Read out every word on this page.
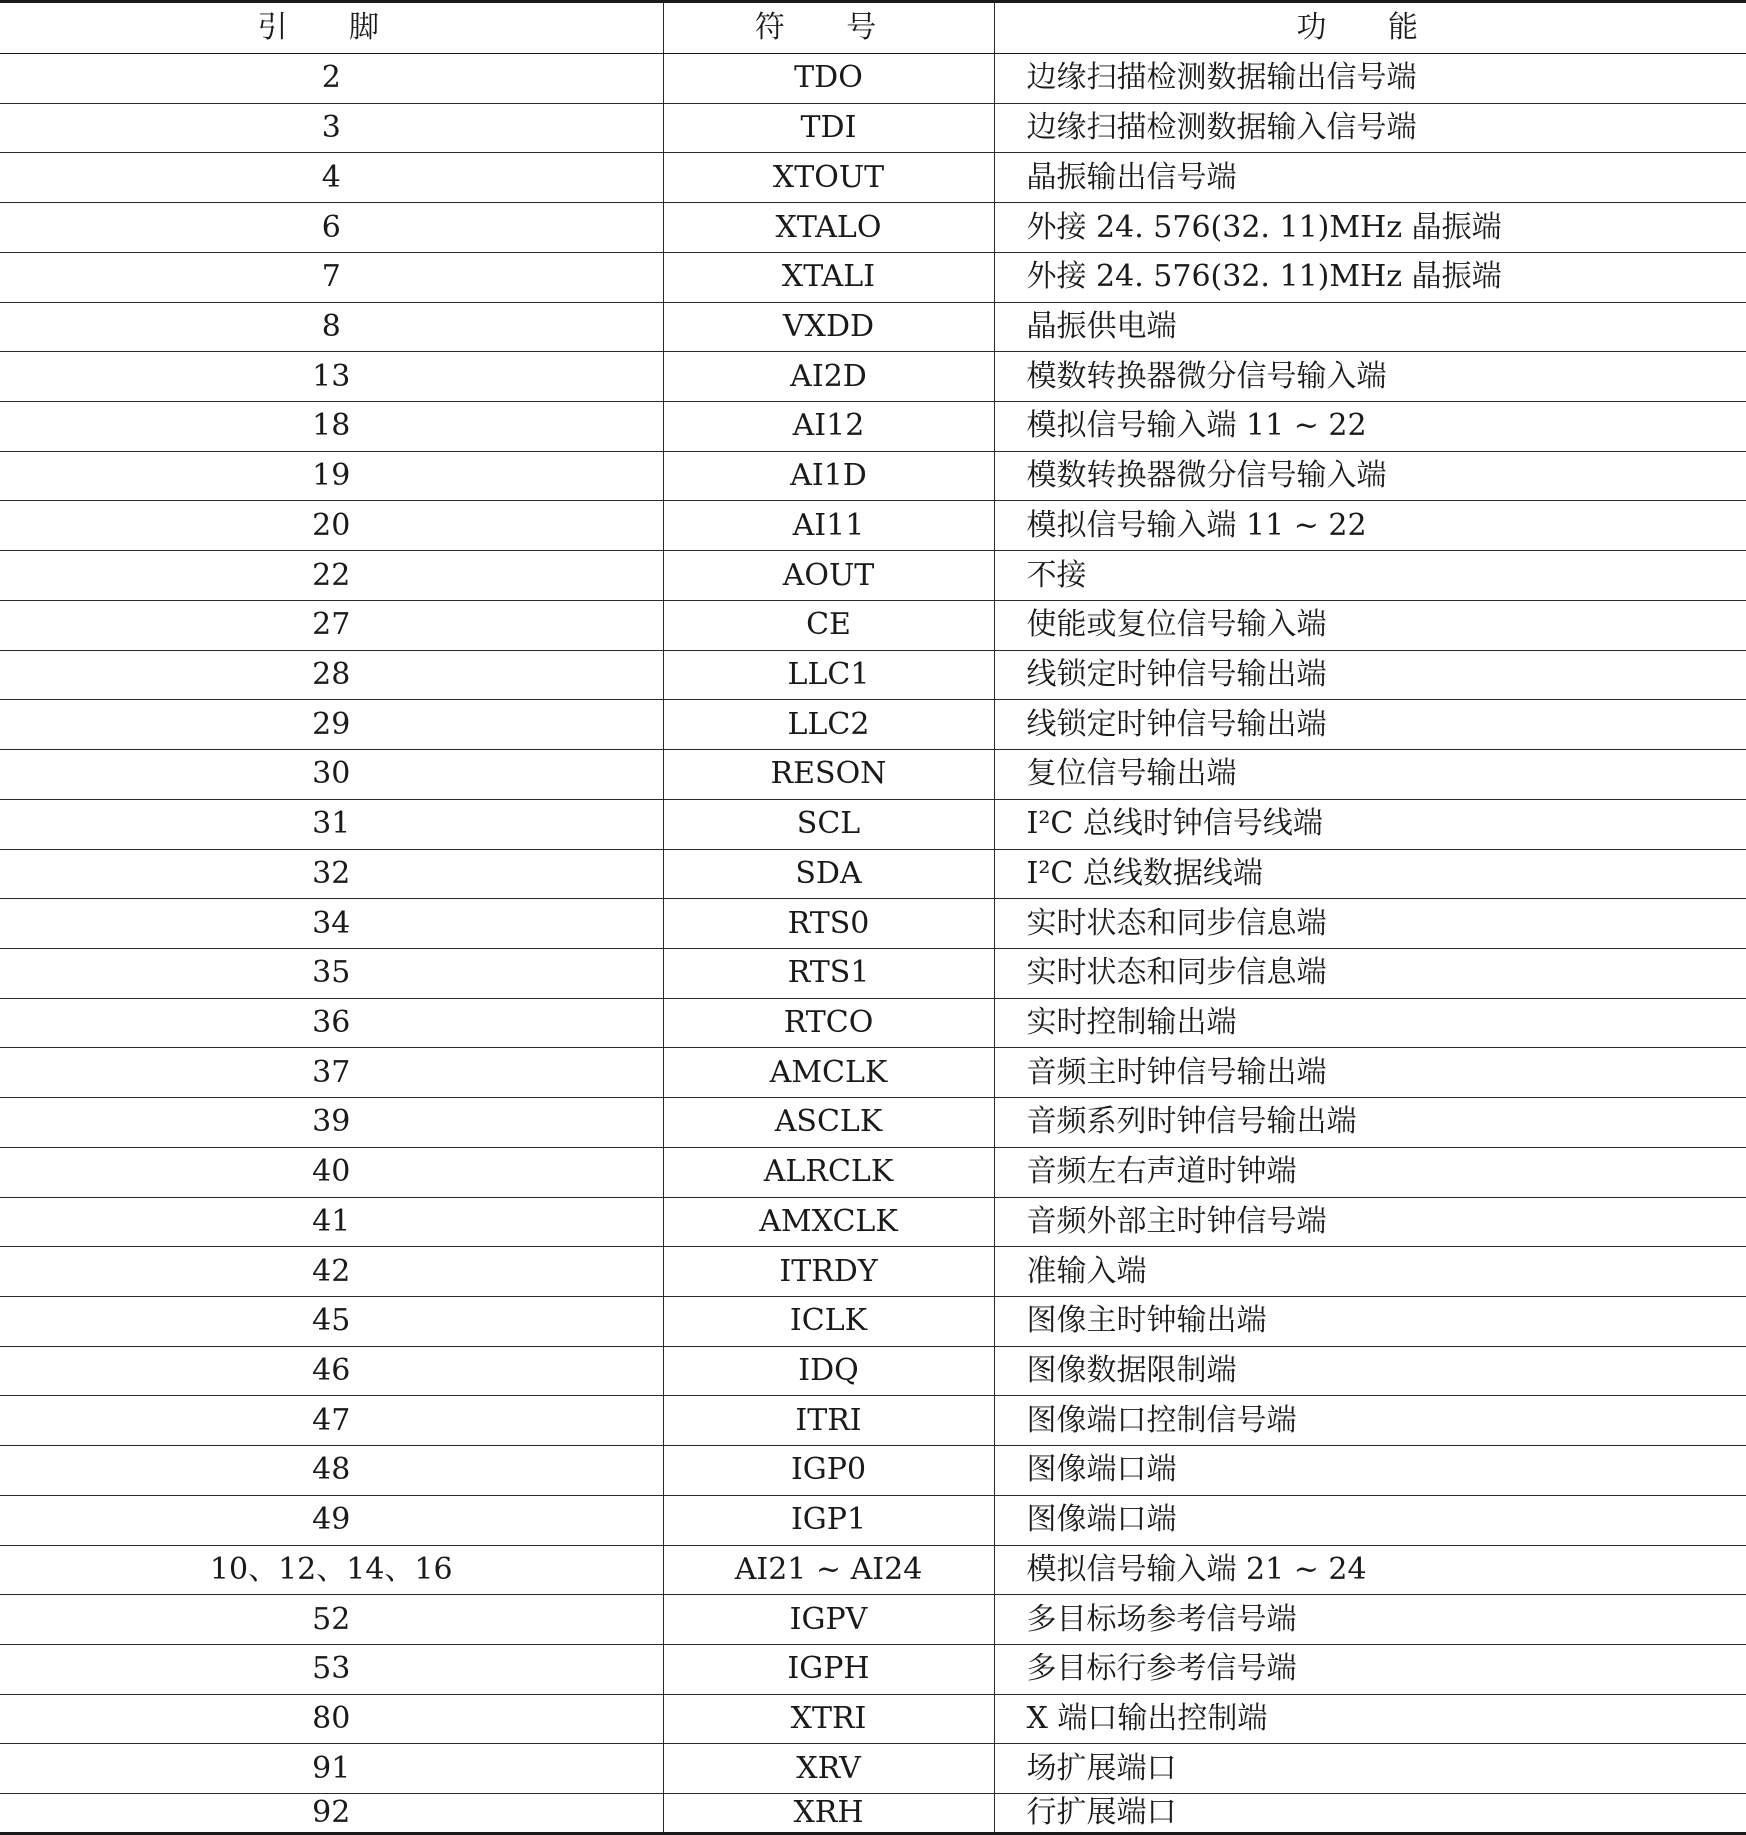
引 脚	符 号	功 能
2	TDO	边缘扫描检测数据输出信号端
3	TDI	边缘扫描检测数据输入信号端
4	XTOUT	晶振输出信号端
6	XTALO	外接 24. 576(32. 11)MHz 晶振端
7	XTALI	外接 24. 576(32. 11)MHz 晶振端
8	VXDD	晶振供电端
13	AI2D	模数转换器微分信号输入端
18	AI12	模拟信号输入端 11 ~ 22
19	AI1D	模数转换器微分信号输入端
20	AI11	模拟信号输入端 11 ~ 22
22	AOUT	不接
27	CE	使能或复位信号输入端
28	LLC1	线锁定时钟信号输出端
29	LLC2	线锁定时钟信号输出端
30	RESON	复位信号输出端
31	SCL	I²C 总线时钟信号线端
32	SDA	I²C 总线数据线端
34	RTS0	实时状态和同步信息端
35	RTS1	实时状态和同步信息端
36	RTCO	实时控制输出端
37	AMCLK	音频主时钟信号输出端
39	ASCLK	音频系列时钟信号输出端
40	ALRCLK	音频左右声道时钟端
41	AMXCLK	音频外部主时钟信号端
42	ITRDY	准输入端
45	ICLK	图像主时钟输出端
46	IDQ	图像数据限制端
47	ITRI	图像端口控制信号端
48	IGP0	图像端口端
49	IGP1	图像端口端
10、12、14、16	AI21 ~ AI24	模拟信号输入端 21 ~ 24
52	IGPV	多目标场参考信号端
53	IGPH	多目标行参考信号端
80	XTRI	X 端口输出控制端
91	XRV	场扩展端口
92	XRH	行扩展端口
